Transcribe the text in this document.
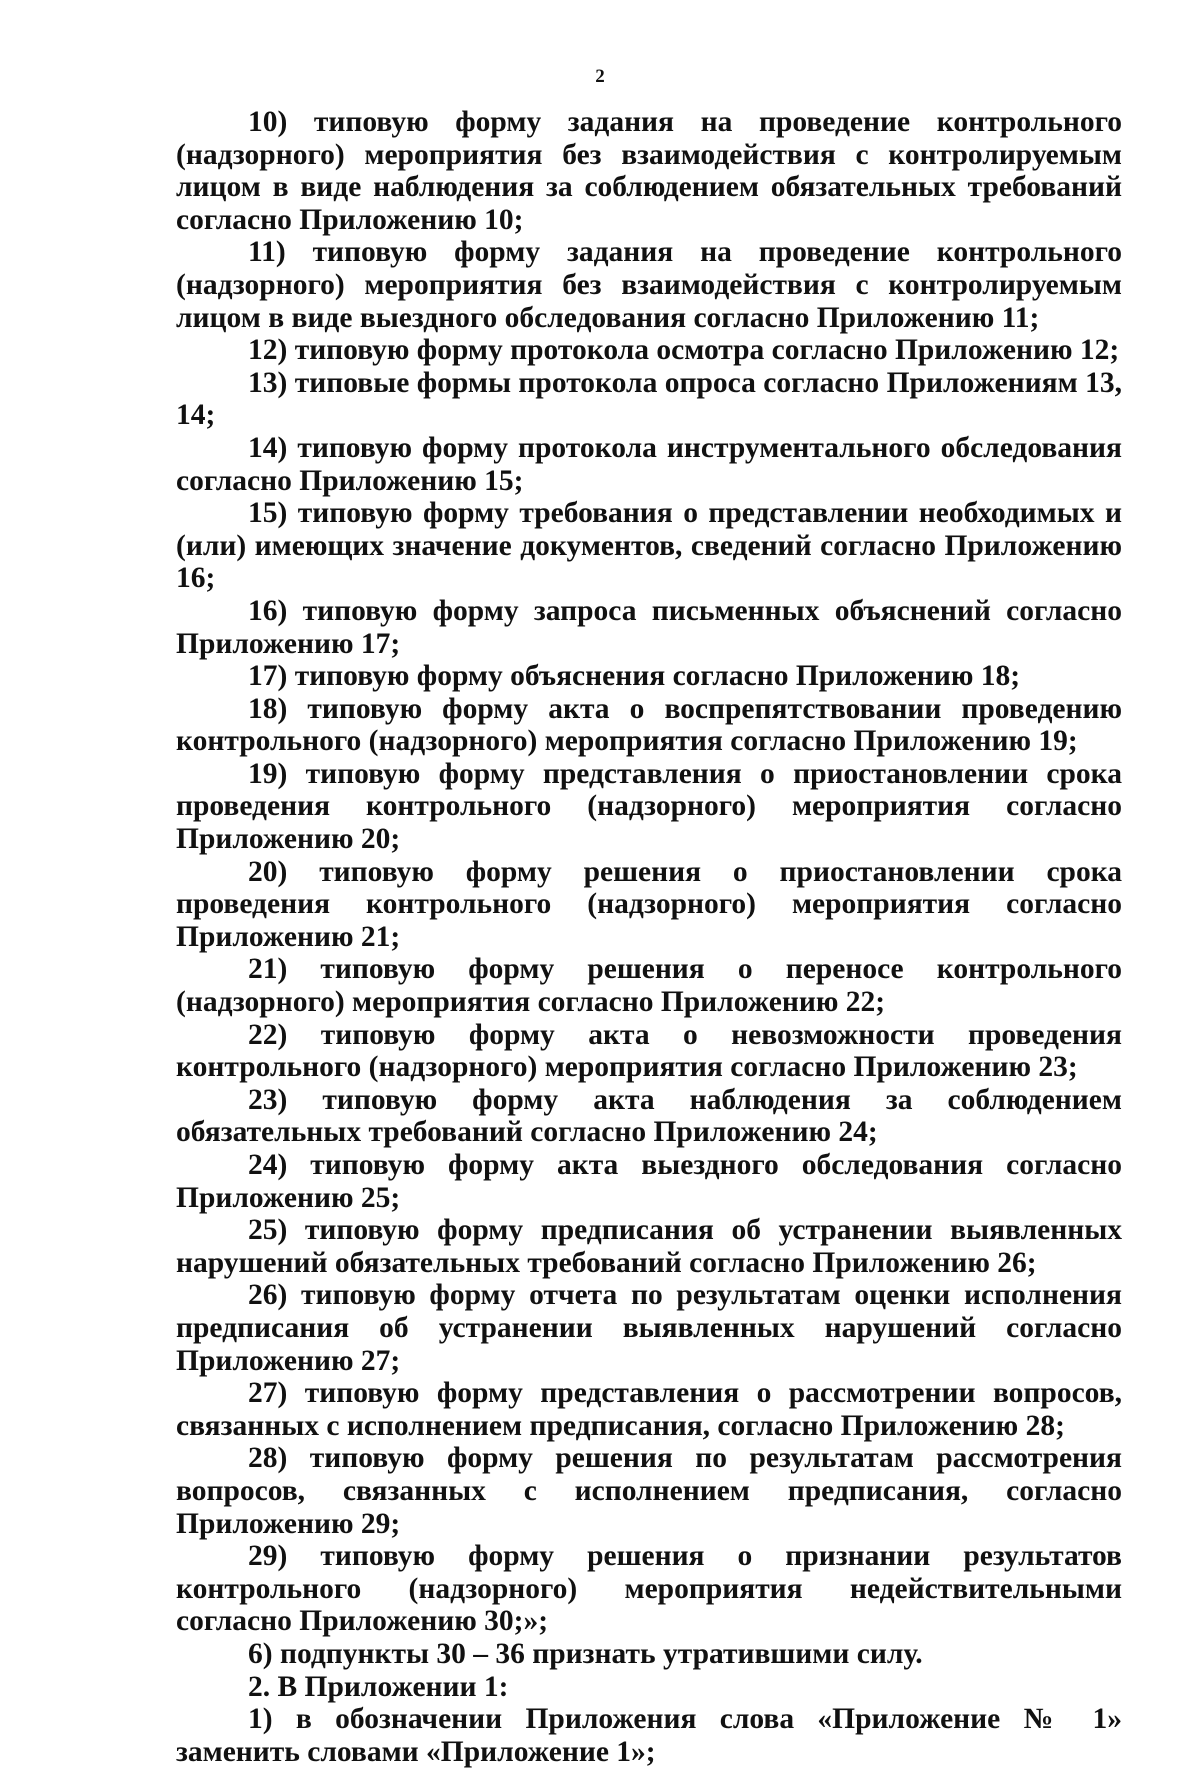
2

10) типовую форму задания на проведение контрольного (надзорного) мероприятия без взаимодействия с контролируемым лицом в виде наблюдения за соблюдением обязательных требований согласно Приложению 10;

11) типовую форму задания на проведение контрольного (надзорного) мероприятия без взаимодействия с контролируемым лицом в виде выездного обследования согласно Приложению 11;

12) типовую форму протокола осмотра согласно Приложению 12;

13) типовые формы протокола опроса согласно Приложениям 13, 14;

14) типовую форму протокола инструментального обследования согласно Приложению 15;

15) типовую форму требования о представлении необходимых и (или) имеющих значение документов, сведений согласно Приложению 16;

16) типовую форму запроса письменных объяснений согласно Приложению 17;

17) типовую форму объяснения согласно Приложению 18;

18) типовую форму акта о воспрепятствовании проведению контрольного (надзорного) мероприятия согласно Приложению 19;

19) типовую форму представления о приостановлении срока проведения контрольного (надзорного) мероприятия согласно Приложению 20;

20) типовую форму решения о приостановлении срока проведения контрольного (надзорного) мероприятия согласно Приложению 21;

21) типовую форму решения о переносе контрольного (надзорного) мероприятия согласно Приложению 22;

22) типовую форму акта о невозможности проведения контрольного (надзорного) мероприятия согласно Приложению 23;

23) типовую форму акта наблюдения за соблюдением обязательных требований согласно Приложению 24;

24) типовую форму акта выездного обследования согласно Приложению 25;

25) типовую форму предписания об устранении выявленных нарушений обязательных требований согласно Приложению 26;

26) типовую форму отчета по результатам оценки исполнения предписания об устранении выявленных нарушений согласно Приложению 27;

27) типовую форму представления о рассмотрении вопросов, связанных с исполнением предписания, согласно Приложению 28;

28) типовую форму решения по результатам рассмотрения вопросов, связанных с исполнением предписания, согласно Приложению 29;

29) типовую форму решения о признании результатов контрольного (надзорного) мероприятия недействительными согласно Приложению 30;»;

6) подпункты 30 – 36 признать утратившими силу.

2. В Приложении 1:

1) в обозначении Приложения слова «Приложение № 1» заменить словами «Приложение 1»;
